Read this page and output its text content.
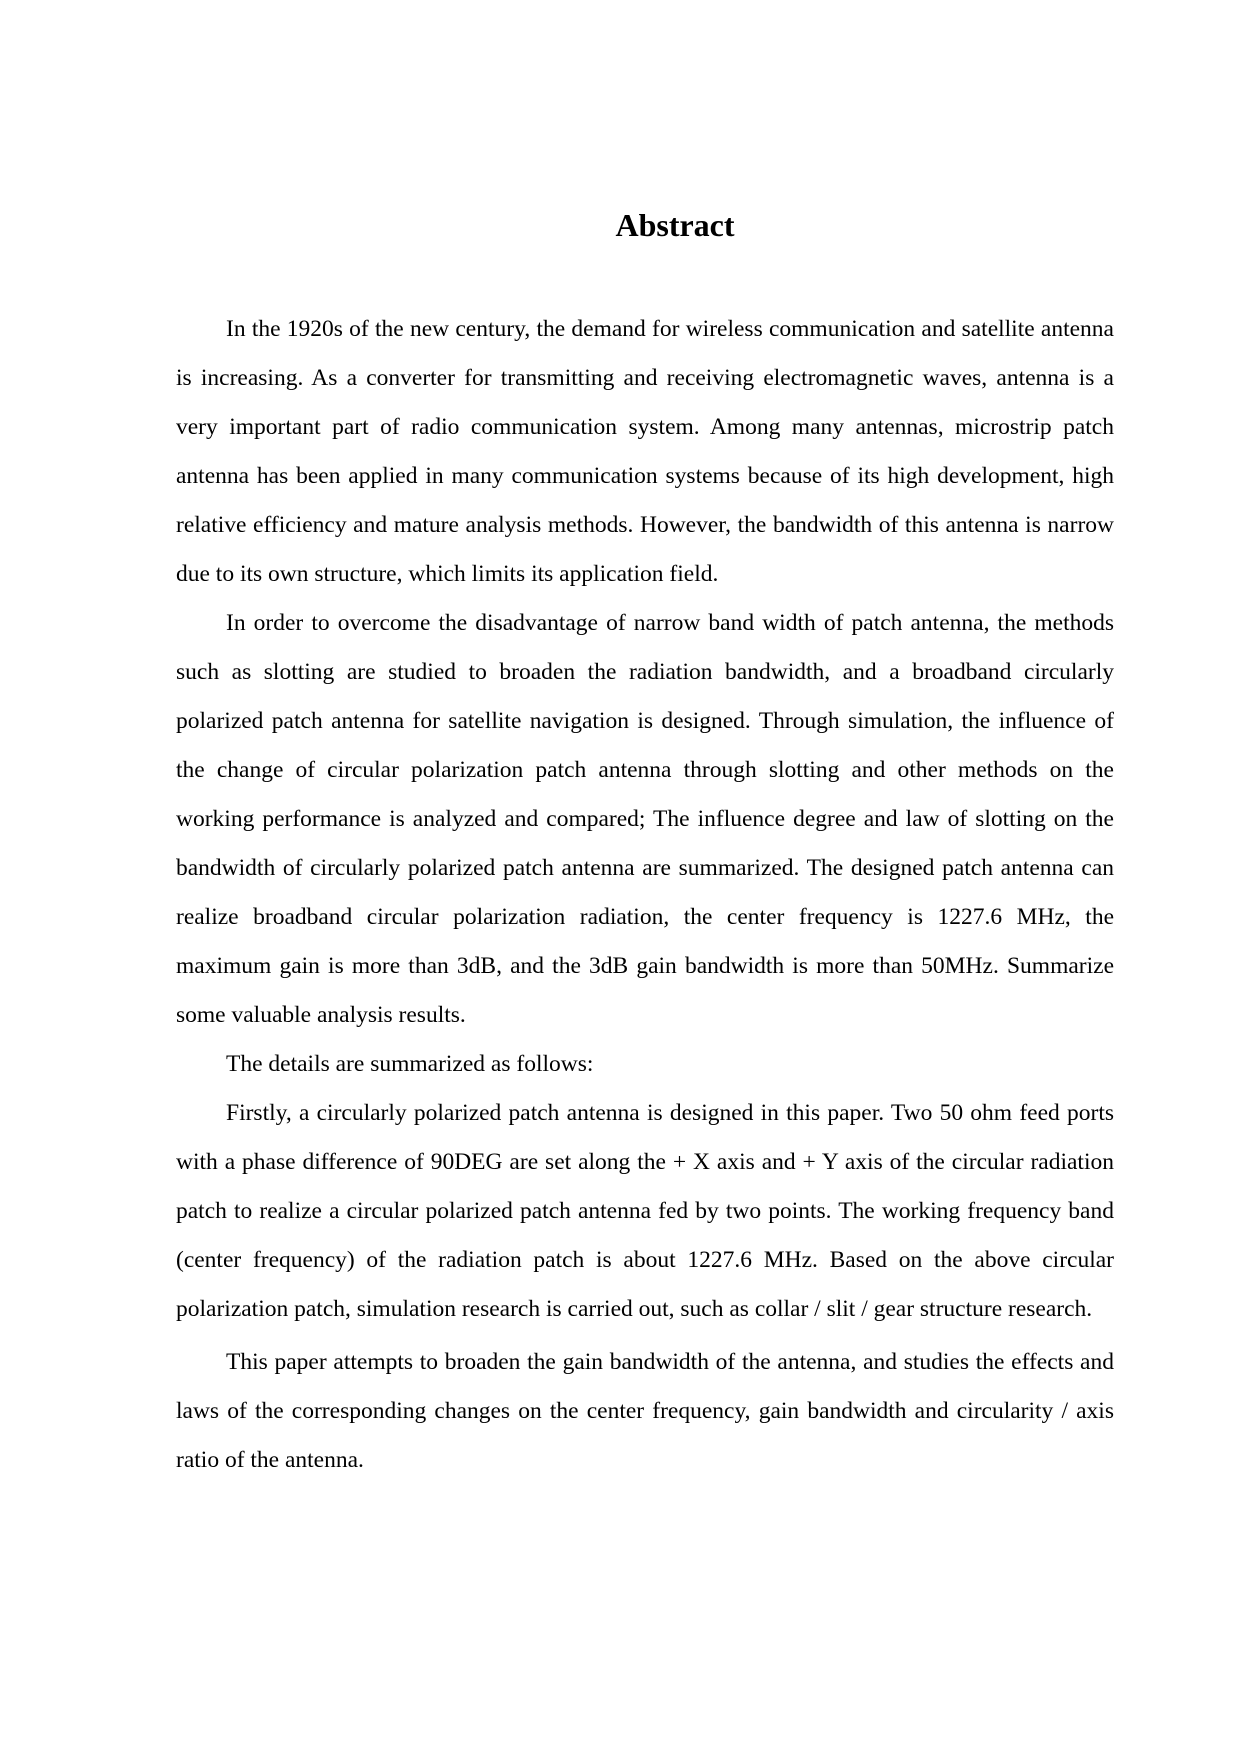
Abstract

In the 1920s of the new century, the demand for wireless communication and satellite antenna is increasing. As a converter for transmitting and receiving electromagnetic waves, antenna is a very important part of radio communication system. Among many antennas, microstrip patch antenna has been applied in many communication systems because of its high development, high relative efficiency and mature analysis methods. However, the bandwidth of this antenna is narrow due to its own structure, which limits its application field.

In order to overcome the disadvantage of narrow band width of patch antenna, the methods such as slotting are studied to broaden the radiation bandwidth, and a broadband circularly polarized patch antenna for satellite navigation is designed. Through simulation, the influence of the change of circular polarization patch antenna through slotting and other methods on the working performance is analyzed and compared; The influence degree and law of slotting on the bandwidth of circularly polarized patch antenna are summarized. The designed patch antenna can realize broadband circular polarization radiation, the center frequency is 1227.6 MHz, the maximum gain is more than 3dB, and the 3dB gain bandwidth is more than 50MHz. Summarize some valuable analysis results.

The details are summarized as follows:

Firstly, a circularly polarized patch antenna is designed in this paper. Two 50 ohm feed ports with a phase difference of 90DEG are set along the + X axis and + Y axis of the circular radiation patch to realize a circular polarized patch antenna fed by two points. The working frequency band (center frequency) of the radiation patch is about 1227.6 MHz. Based on the above circular polarization patch, simulation research is carried out, such as collar / slit / gear structure research.

This paper attempts to broaden the gain bandwidth of the antenna, and studies the effects and laws of the corresponding changes on the center frequency, gain bandwidth and circularity / axis ratio of the antenna.
